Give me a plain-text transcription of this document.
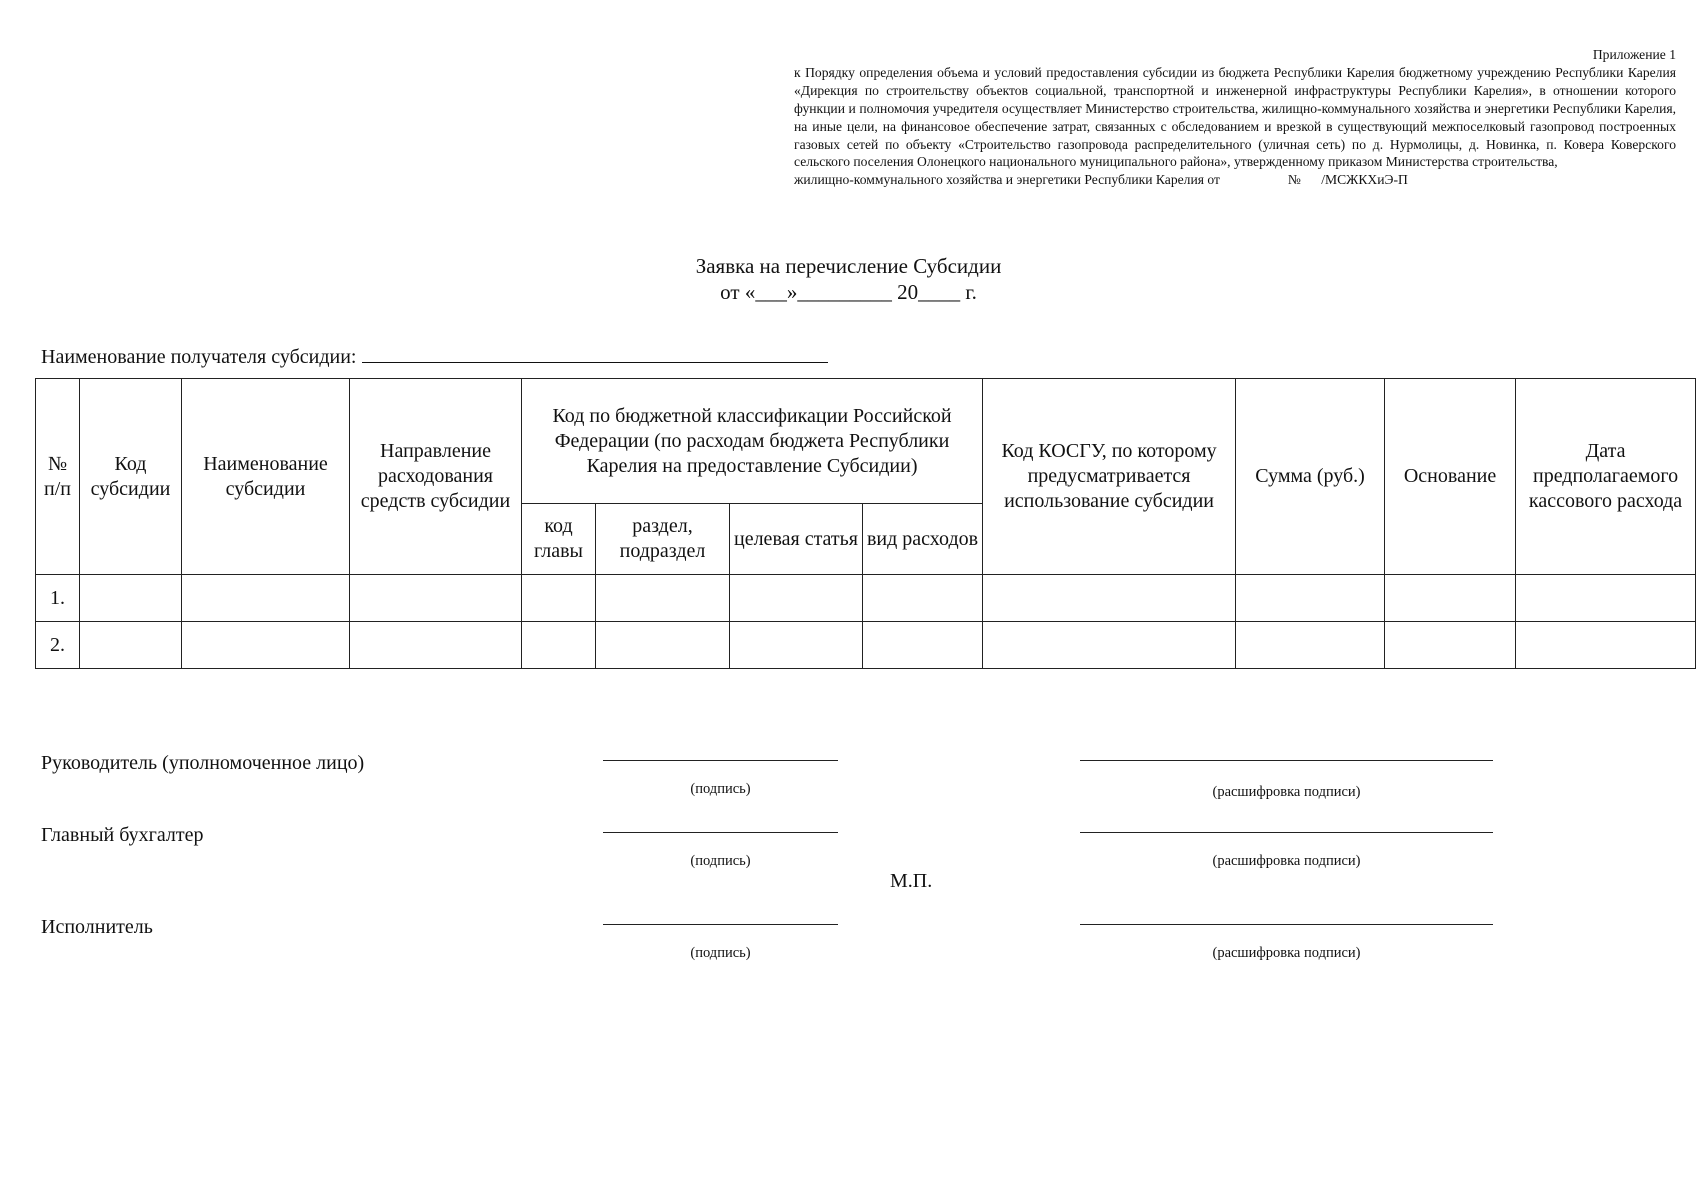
Приложение 1
к Порядку определения объема и условий предоставления субсидии из бюджета Республики Карелия бюджетному учреждению Республики Карелия «Дирекция по строительству объектов социальной, транспортной и инженерной инфраструктуры Республики Карелия», в отношении которого функции и полномочия учредителя осуществляет Министерство строительства, жилищно-коммунального хозяйства и энергетики Республики Карелия, на иные цели, на финансовое обеспечение затрат, связанных с обследованием и врезкой в существующий межпоселковый газопровод построенных газовых сетей по объекту «Строительство газопровода распределительного (уличная сеть) по д. Нурмолицы, д. Новинка, п. Ковера Коверского сельского поселения Олонецкого национального муниципального района», утвержденному приказом Министерства строительства,
жилищно-коммунального хозяйства и энергетики Республики Карелия от                    №      /МСЖКХиЭ-П
Заявка на перечисление Субсидии
от «___»_________ 20____ г.
Наименование получателя субсидии:
№ п/п	Код субсидии	Наименование субсидии	Направление расходования средств субсидии	Код по бюджетной классификации Российской Федерации (по расходам бюджета Республики Карелия на предоставление Субсидии)				Код КОСГУ, по которому предусматривается использование субсидии	Сумма (руб.)	Основание	Дата предполагаемого кассового расхода
				код главы	раздел, подраздел	целевая статья	вид расходов				
1.											
2.											
Руководитель (уполномоченное лицо)
(подпись)	(расшифровка подписи)
Главный бухгалтер
(подпись)	(расшифровка подписи)
М.П.
Исполнитель
(подпись)	(расшифровка подписи)
